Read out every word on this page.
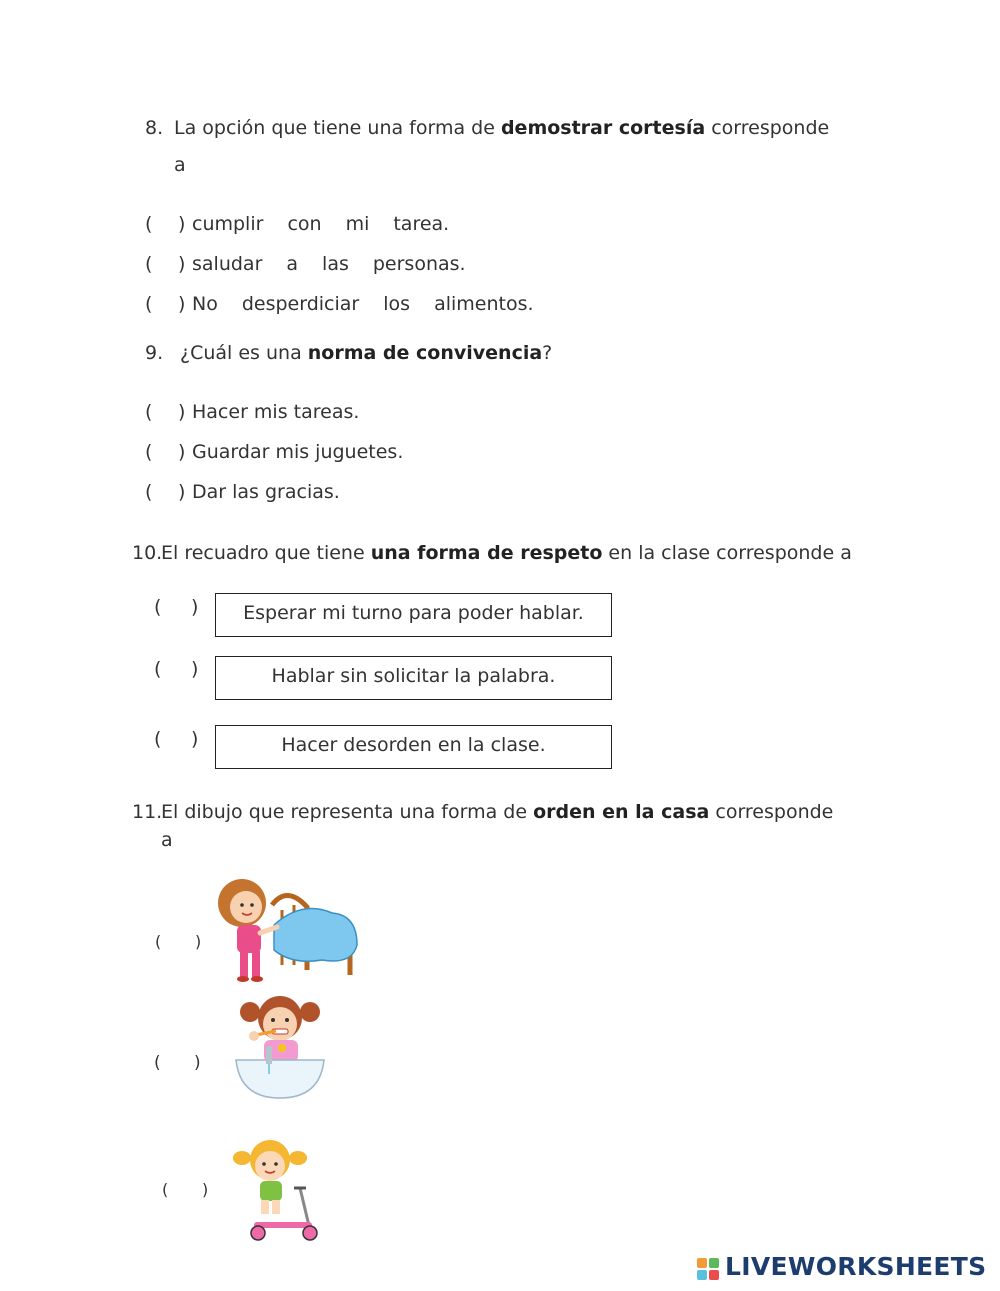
8. La opción que tiene una forma de demostrar cortesía corresponde
a
( ) cumplir con mi tarea.
( ) saludar a las personas.
( ) No desperdiciar los alimentos.
9. ¿Cuál es una norma de convivencia?
( ) Hacer mis tareas.
( ) Guardar mis juguetes.
( ) Dar las gracias.
10.
El recuadro que tiene una forma de respeto en la clase corresponde a
( )	Esperar mi turno para poder hablar.
( )	Hablar sin solicitar la palabra.
( )	Hacer desorden en la clase.
11.
El dibujo que representa una forma de orden en la casa corresponde
a
( )
( )
( )
LIVEWORKSHEETS
